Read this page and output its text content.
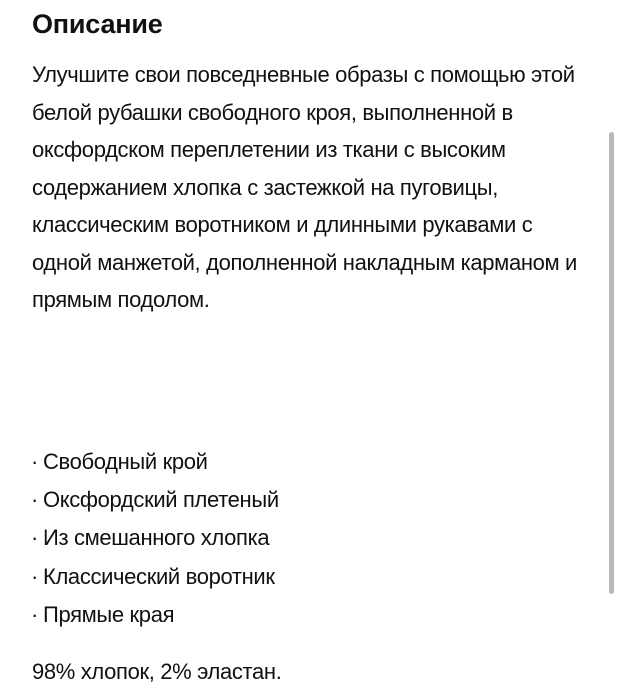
Описание

Улучшите свои повседневные образы с помощью этой белой рубашки свободного кроя, выполненной в оксфордском переплетении из ткани с высоким содержанием хлопка с застежкой на пуговицы, классическим воротником и длинными рукавами с одной манжетой, дополненной накладным карманом и прямым подолом.

· Свободный крой
· Оксфордский плетеный
· Из смешанного хлопка
· Классический воротник
· Прямые края

98% хлопок, 2% эластан.
